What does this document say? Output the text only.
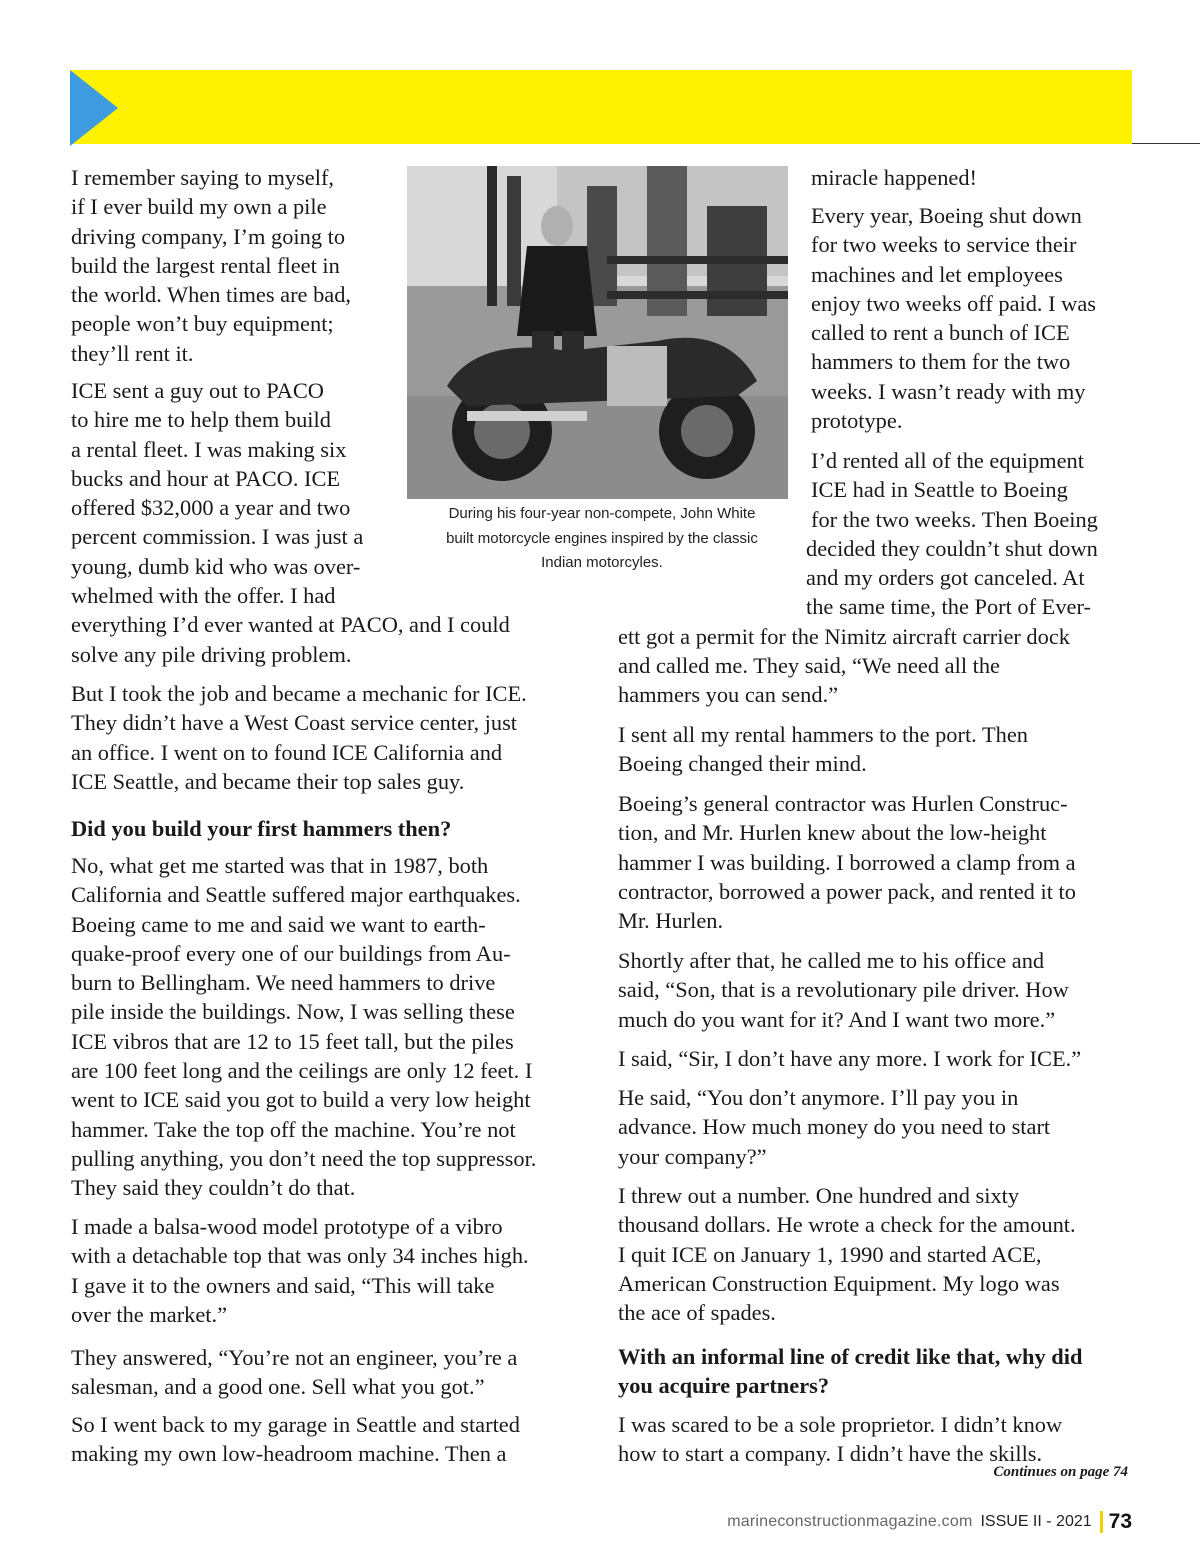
During his four-year non-compete, John White
built motorcycle engines inspired by the classic
Indian motorcyles.
I remember saying to myself,
if I ever build my own a pile
driving company, I’m going to
build the largest rental fleet in
the world. When times are bad,
people won’t buy equipment;
they’ll rent it.
ICE sent a guy out to PACO
to hire me to help them build
a rental fleet. I was making six
bucks and hour at PACO. ICE
offered $32,000 a year and two
percent commission. I was just a
young, dumb kid who was over-
whelmed with the offer. I had
everything I’d ever wanted at PACO, and I could
solve any pile driving problem.
But I took the job and became a mechanic for ICE.
They didn’t have a West Coast service center, just
an office. I went on to found ICE California and
ICE Seattle, and became their top sales guy.
Did you build your first hammers then?
No, what get me started was that in 1987, both
California and Seattle suffered major earthquakes.
Boeing came to me and said we want to earth-
quake-proof every one of our buildings from Au-
burn to Bellingham. We need hammers to drive
pile inside the buildings. Now, I was selling these
ICE vibros that are 12 to 15 feet tall, but the piles
are 100 feet long and the ceilings are only 12 feet. I
went to ICE said you got to build a very low height
hammer. Take the top off the machine. You’re not
pulling anything, you don’t need the top suppressor.
They said they couldn’t do that.
I made a balsa-wood model prototype of a vibro
with a detachable top that was only 34 inches high.
I gave it to the owners and said, “This will take
over the market.”
They answered, “You’re not an engineer, you’re a
salesman, and a good one. Sell what you got.”
So I went back to my garage in Seattle and started
making my own low-headroom machine. Then a
miracle happened!
Every year, Boeing shut down
for two weeks to service their
machines and let employees
enjoy two weeks off paid. I was
called to rent a bunch of ICE
hammers to them for the two
weeks. I wasn’t ready with my
prototype.
I’d rented all of the equipment
ICE had in Seattle to Boeing
for the two weeks. Then Boeing
decided they couldn’t shut down
and my orders got canceled. At
the same time, the Port of Ever-
ett got a permit for the Nimitz aircraft carrier dock
and called me. They said, “We need all the
hammers you can send.”
I sent all my rental hammers to the port. Then
Boeing changed their mind.
Boeing’s general contractor was Hurlen Construc-
tion, and Mr. Hurlen knew about the low-height
hammer I was building. I borrowed a clamp from a
contractor, borrowed a power pack, and rented it to
Mr. Hurlen.
Shortly after that, he called me to his office and
said, “Son, that is a revolutionary pile driver. How
much do you want for it? And I want two more.”
I said, “Sir, I don’t have any more. I work for ICE.”
He said, “You don’t anymore. I’ll pay you in
advance. How much money do you need to start
your company?”
I threw out a number. One hundred and sixty
thousand dollars. He wrote a check for the amount.
I quit ICE on January 1, 1990 and started ACE,
American Construction Equipment. My logo was
the ace of spades.
With an informal line of credit like that, why did
you acquire partners?
I was scared to be a sole proprietor. I didn’t know
how to start a company. I didn’t have the skills.
Continues on page 74
marineconstructionmagazine.com ISSUE II - 2021 73
